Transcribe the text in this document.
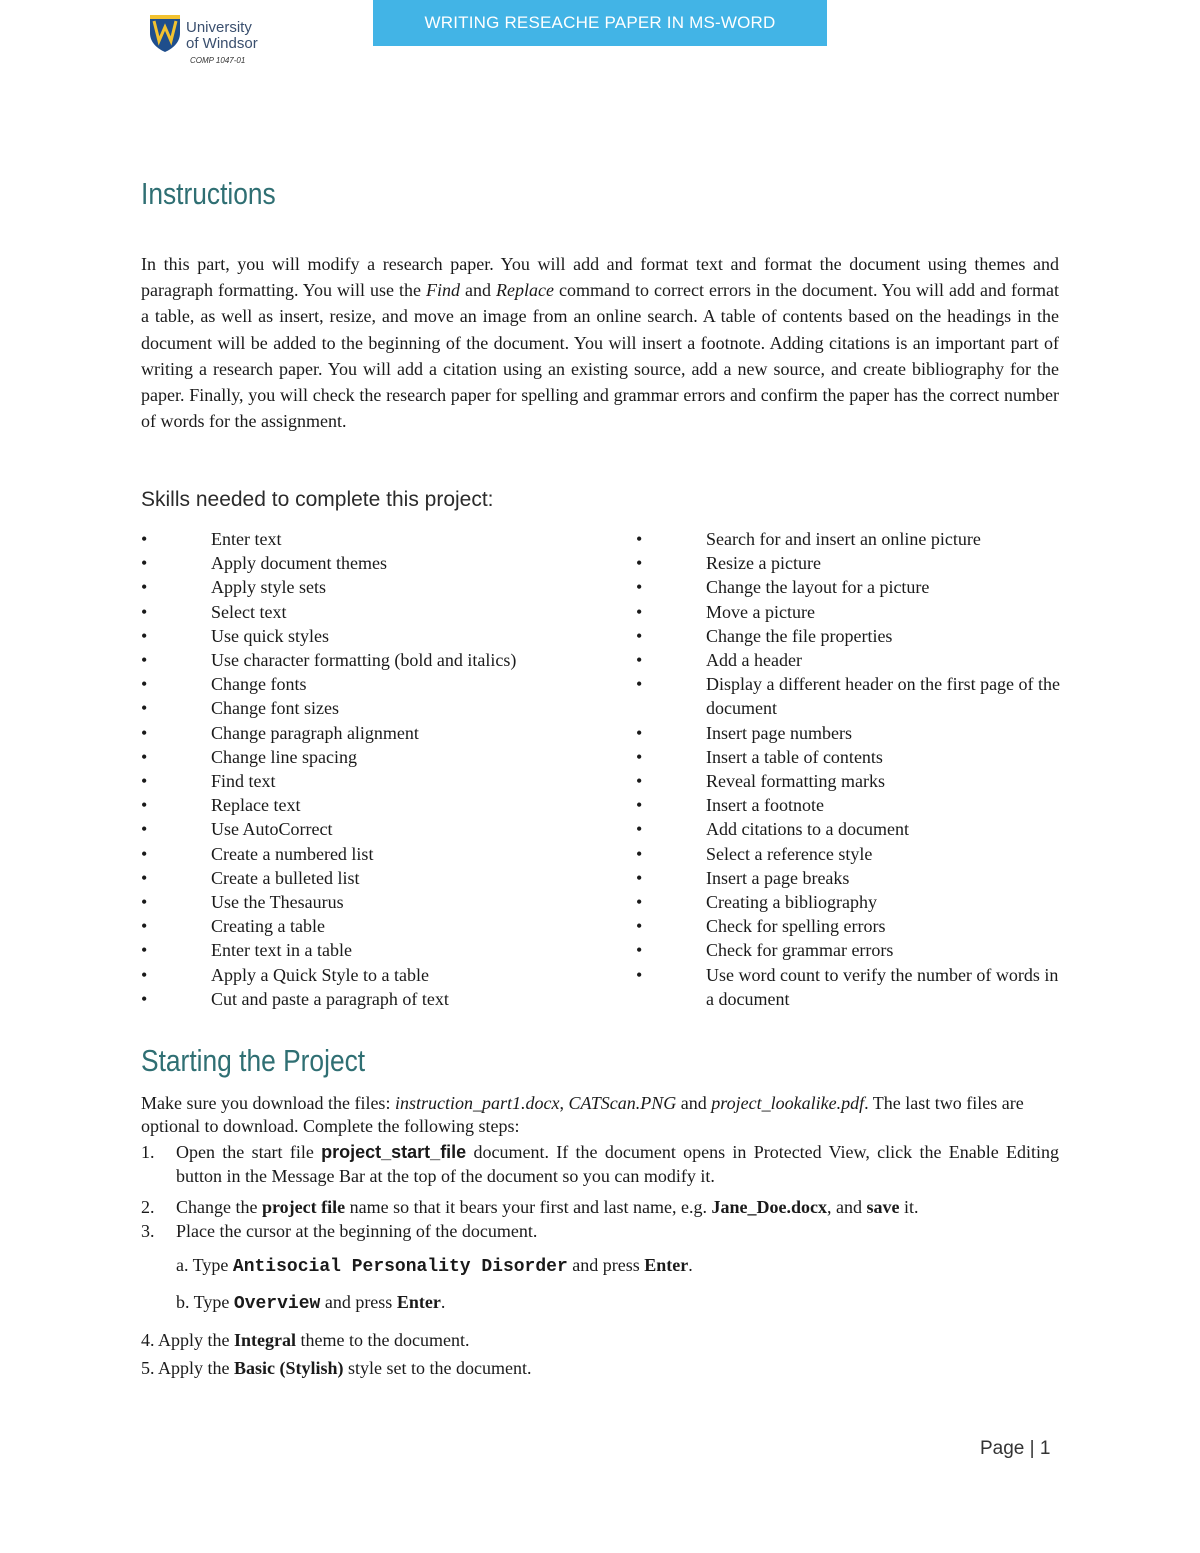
University
of Windsor
COMP 1047-01
WRITING RESEACHE PAPER IN MS-WORD
Instructions

In this part, you will modify a research paper. You will add and format text and format the document using themes and paragraph formatting. You will use the Find and Replace command to correct errors in the document. You will add and format a table, as well as insert, resize, and move an image from an online search. A table of contents based on the headings in the document will be added to the beginning of the document. You will insert a footnote. Adding citations is an important part of writing a research paper. You will add a citation using an existing source, add a new source, and create bibliography for the paper. Finally, you will check the research paper for spelling and grammar errors and confirm the paper has the correct number of words for the assignment.

Skills needed to complete this project:
• Enter text
• Apply document themes
• Apply style sets
• Select text
• Use quick styles
• Use character formatting (bold and italics)
• Change fonts
• Change font sizes
• Change paragraph alignment
• Change line spacing
• Find text
• Replace text
• Use AutoCorrect
• Create a numbered list
• Create a bulleted list
• Use the Thesaurus
• Creating a table
• Enter text in a table
• Apply a Quick Style to a table
• Cut and paste a paragraph of text
• Search for and insert an online picture
• Resize a picture
• Change the layout for a picture
• Move a picture
• Change the file properties
• Add a header
• Display a different header on the first page of the document
• Insert page numbers
• Insert a table of contents
• Reveal formatting marks
• Insert a footnote
• Add citations to a document
• Select a reference style
• Insert a page breaks
• Creating a bibliography
• Check for spelling errors
• Check for grammar errors
• Use word count to verify the number of words in a document
Starting the Project

Make sure you download the files: instruction_part1.docx, CATScan.PNG and project_lookalike.pdf. The last two files are optional to download. Complete the following steps:

1. Open the start file project_start_file document. If the document opens in Protected View, click the Enable Editing button in the Message Bar at the top of the document so you can modify it.
2. Change the project file name so that it bears your first and last name, e.g. Jane_Doe.docx, and save it.
3. Place the cursor at the beginning of the document.
a. Type Antisocial Personality Disorder and press Enter.
b. Type Overview and press Enter.
4. Apply the Integral theme to the document.
5. Apply the Basic (Stylish) style set to the document.
Page | 1
